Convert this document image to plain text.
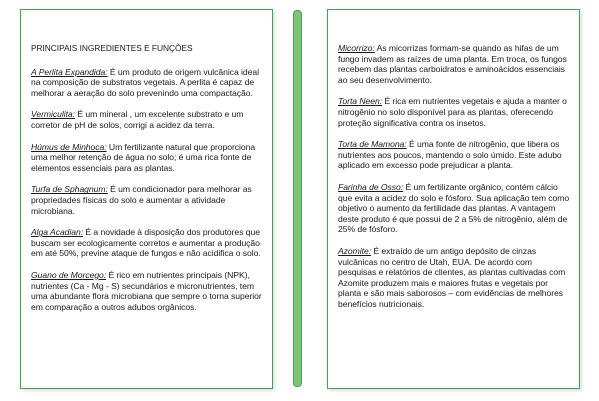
PRINCIPAIS INGREDIENTES E FUNÇÕES
A Perlita Expandida: É um produto de origem vulcânica ideal na composição de substratos vegetais. A perlita é capaz de melhorar a aeração do solo prevenindo uma compactação.
Vermiculita: É um mineral , um excelente substrato e um corretor de pH de solos, corrigi a acidez da terra.
Húmus de Minhoca: Um fertilizante natural que proporciona uma melhor retenção de água no solo; é uma rica fonte de elementos essenciais para as plantas.
Turfa de Sphagnum: É um condicionador para melhorar as propriedades físicas do solo e aumentar a atividade microbiana.
Alga Acadian: É a novidade à disposição dos produtores que buscam ser ecologicamente corretos e aumentar a produção em até 50%, previne ataque de fungos e não acidifica o solo.
Guano de Morcego: É rico em nutrientes principais (NPK), nutrientes (Ca - Mg - S) secundários e micronutrientes, tem uma abundante flora microbiana que sempre o torna superior em comparação a outros adubos orgânicos.
Micorrizo: As micorrizas formam-se quando as hifas de um fungo invadem as raízes de uma planta. Em troca, os fungos recebem das plantas carboidratos e aminoácidos essenciais ao seu desenvolvimento.
Torta Neen: É rica em nutrientes vegetais e ajuda a manter o nitrogênio no solo disponível para as plantas, oferecendo proteção significativa contra os insetos.
Torta de Mamona: É uma fonte de nitrogênio, que libera os nutrientes aos poucos, mantendo o solo úmido. Este adubo aplicado em excesso pode prejudicar a planta.
Farinha de Osso: É um fertilizante orgânico, contém cálcio que evita a acidez do solo e fósforo. Sua aplicação tem como objetivo o aumento da fertilidade das plantas. A vantagem deste produto é que possui de 2 a 5% de nitrogênio, além de 25% de fósforo.
Azomite: É extraído de um antigo depósito de cinzas vulcânicas no centro de Utah, EUA. De acordo com pesquisas e relatórios de clientes, as plantas cultivadas com Azomite produzem mais e maiores frutas e vegetais por planta e são mais saborosos – com evidências de melhores benefícios nutricionais.
